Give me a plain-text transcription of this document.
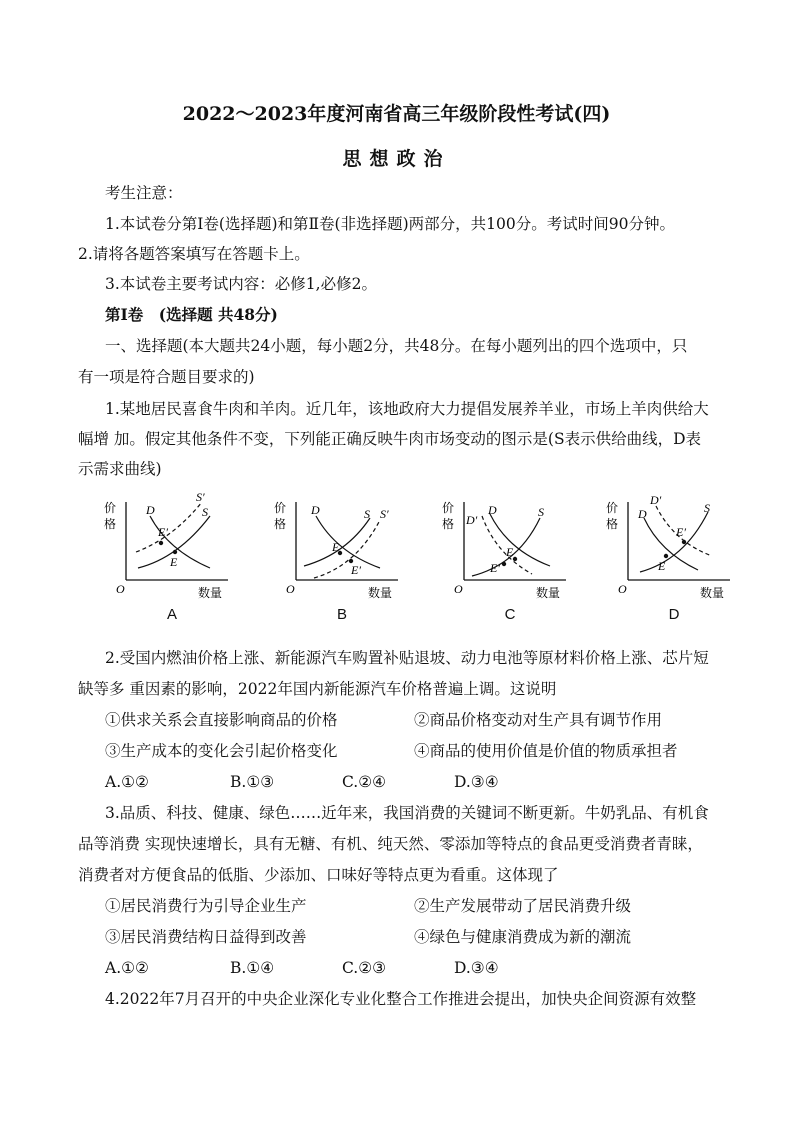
2022～2023年度河南省高三年级阶段性考试(四)
思想政治
考生注意：
1.本试卷分第Ⅰ卷(选择题)和第Ⅱ卷(非选择题)两部分，共100分。考试时间90分钟。
2.请将各题答案填写在答题卡上。
3.本试卷主要考试内容：必修1,必修2。
第Ⅰ卷　(选择题 共48分)
一、选择题(本大题共24小题，每小题2分，共48分。在每小题列出的四个选项中，只
有一项是符合题目要求的)
1.某地居民喜食牛肉和羊肉。近几年，该地政府大力提倡发展养羊业，市场上羊肉供给大
幅增 加。假定其他条件不变，下列能正确反映牛肉市场变动的图示是(S表示供给曲线，D表
示需求曲线)
价
格
数量
O
D	S
S′
E
E′
A
价
格
数量
O
D	S S′
E
E′
B
价
格
数量
O
D′
D	S
E
E′
C
价
格
数量
O
D
D′
S
E
E′
D
2.受国内燃油价格上涨、新能源汽车购置补贴退坡、动力电池等原材料价格上涨、芯片短
缺等多 重因素的影响，2022年国内新能源汽车价格普遍上调。这说明
①供求关系会直接影响商品的价格	②商品价格变动对生产具有调节作用
③生产成本的变化会引起价格变化	④商品的使用价值是价值的物质承担者
A.①②	B.①③	C.②④	D.③④
3.品质、科技、健康、绿色……近年来，我国消费的关键词不断更新。牛奶乳品、有机食
品等消费 实现快速增长，具有无糖、有机、纯天然、零添加等特点的食品更受消费者青睐，
消费者对方便食品的低脂、少添加、口味好等特点更为看重。这体现了
①居民消费行为引导企业生产	②生产发展带动了居民消费升级
③居民消费结构日益得到改善	④绿色与健康消费成为新的潮流
A.①②	B.①④	C.②③	D.③④
4.2022年7月召开的中央企业深化专业化整合工作推进会提出，加快央企间资源有效整
